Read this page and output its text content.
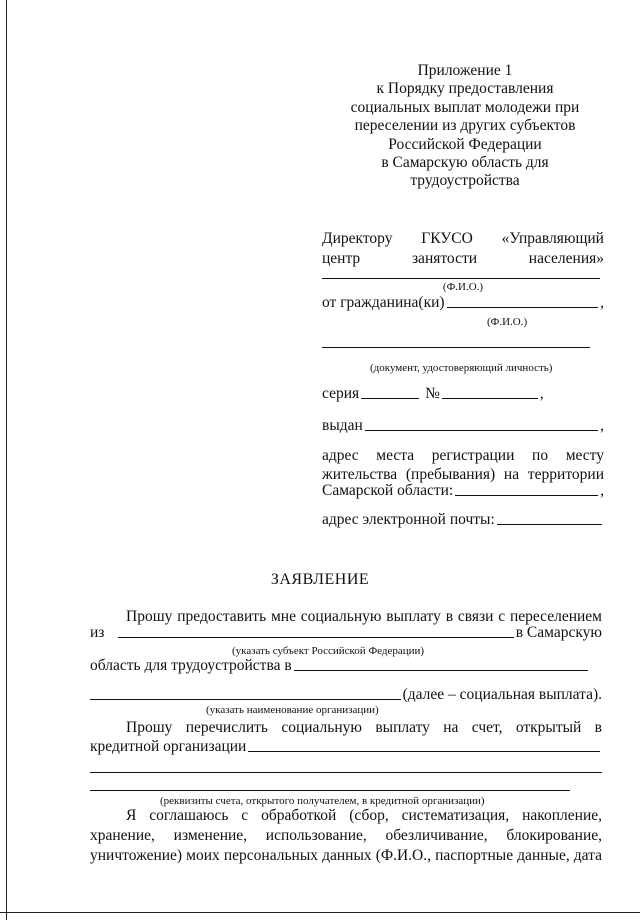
Приложение 1
к Порядку предоставления
социальных выплат молодежи при
переселении из других субъектов
Российской Федерации
в Самарскую область для
трудоустройства
Директору ГКУСО «Управляющий
центр	занятости	населения»
(Ф.И.О.)
от гражданина(ки)	,
(Ф.И.О.)
(документ, удостоверяющий личность)
серия	№	,
выдан	,
адрес места регистрации по месту жительства (пребывания) на территории
Самарской области:	,
адрес электронной почты:
ЗАЯВЛЕНИЕ
Прошу предоставить мне социальную выплату в связи с переселением
из	в Самарскую
(указать субъект Российской Федерации)
область для трудоустройства в
(далее – социальная выплата).
(указать наименование организации)
Прошу перечислить социальную выплату на счет, открытый в
кредитной организации
(реквизиты счета, открытого получателем, в кредитной организации)
Я соглашаюсь с обработкой (сбор, систематизация, накопление,
хранение, изменение, использование, обезличивание, блокирование,
уничтожение) моих персональных данных (Ф.И.О., паспортные данные, дата
